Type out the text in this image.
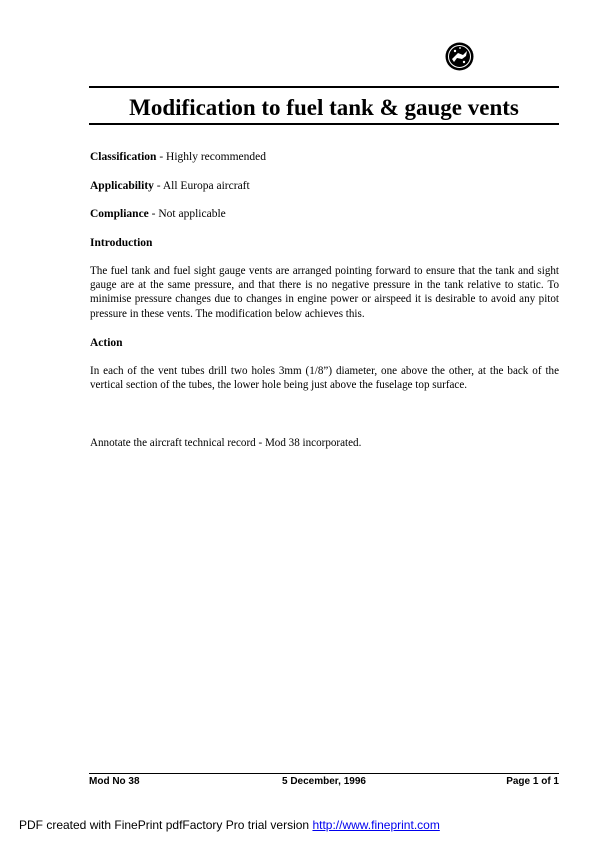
Modification to fuel tank & gauge vents
Classification - Highly recommended
Applicability - All Europa aircraft
Compliance - Not applicable
Introduction
The fuel tank and fuel sight gauge vents are arranged pointing forward to ensure that the tank and sight gauge are at the same pressure, and that there is no negative pressure in the tank relative to static. To minimise pressure changes due to changes in engine power or airspeed it is desirable to avoid any pitot pressure in these vents. The modification below achieves this.
Action
In each of the vent tubes drill two holes 3mm (1/8”) diameter, one above the other, at the back of the vertical section of the tubes, the lower hole being just above the fuselage top surface.
Annotate the aircraft technical record - Mod 38 incorporated.
Mod No 38	5 December, 1996	Page 1 of 1
PDF created with FinePrint pdfFactory Pro trial version http://www.fineprint.com
